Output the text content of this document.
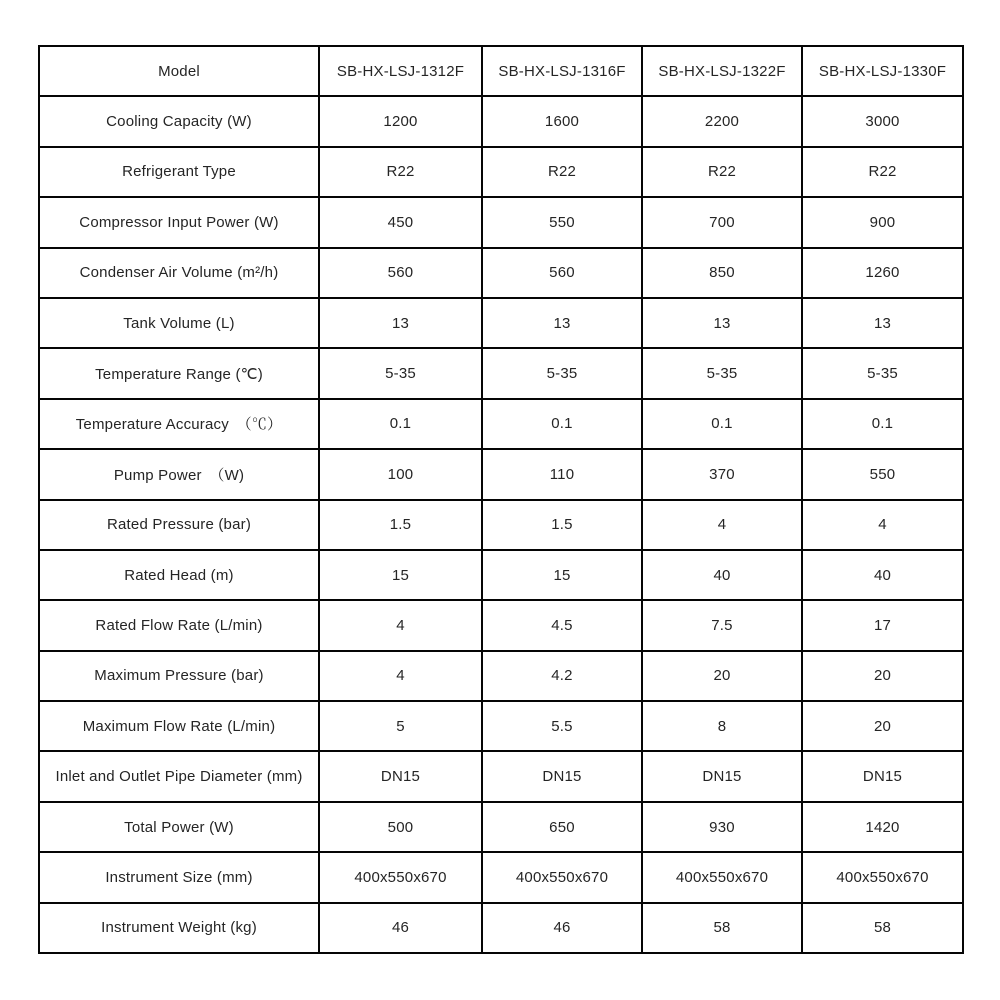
Model	SB-HX-LSJ-1312F	SB-HX-LSJ-1316F	SB-HX-LSJ-1322F	SB-HX-LSJ-1330F
Cooling Capacity (W)	1200	1600	2200	3000
Refrigerant Type	R22	R22	R22	R22
Compressor Input Power (W)	450	550	700	900
Condenser Air Volume (m²/h)	560	560	850	1260
Tank Volume (L)	13	13	13	13
Temperature Range (℃)	5-35	5-35	5-35	5-35
Temperature Accuracy　（℃）	0.1	0.1	0.1	0.1
Pump Power　（W)	100	110	370	550
Rated Pressure (bar)	1.5	1.5	4	4
Rated Head (m)	15	15	40	40
Rated Flow Rate (L/min)	4	4.5	7.5	17
Maximum Pressure (bar)	4	4.2	20	20
Maximum Flow Rate (L/min)	5	5.5	8	20
Inlet and Outlet Pipe Diameter (mm)	DN15	DN15	DN15	DN15
Total Power (W)	500	650	930	1420
Instrument Size (mm)	400x550x670	400x550x670	400x550x670	400x550x670
Instrument Weight (kg)	46	46	58	58
